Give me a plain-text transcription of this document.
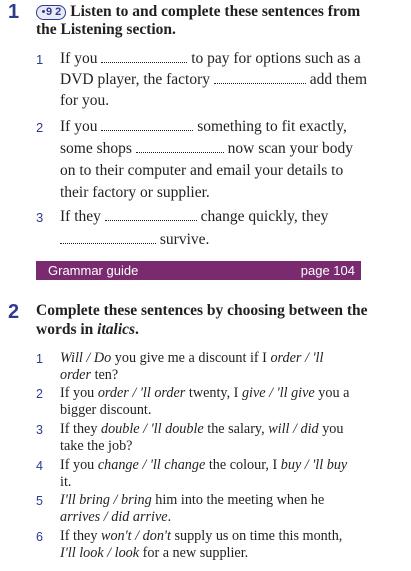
1	9 2 Listen to and complete these sentences from
the Listening section.
1 If you	to pay for options such as a
DVD player, the factory	add them
for you.
2 If you	something to fit exactly,
some shops	now scan your body
on to their computer and email your details to
their factory or supplier.
3 If they	change quickly, they
survive.
Grammar guide	page 104
2 Complete these sentences by choosing between the
words in italics.
1 Will / Do you give me a discount if I order / 'll
order ten?
2 If you order / 'll order twenty, I give / 'll give you a
bigger discount.
3 If they double / 'll double the salary, will / did you
take the job?
4 If you change / 'll change the colour, I buy / 'll buy
it.
5 I'll bring / bring him into the meeting when he
arrives / did arrive.
6 If they won't / don't supply us on time this month,
I'll look / look for a new supplier.
